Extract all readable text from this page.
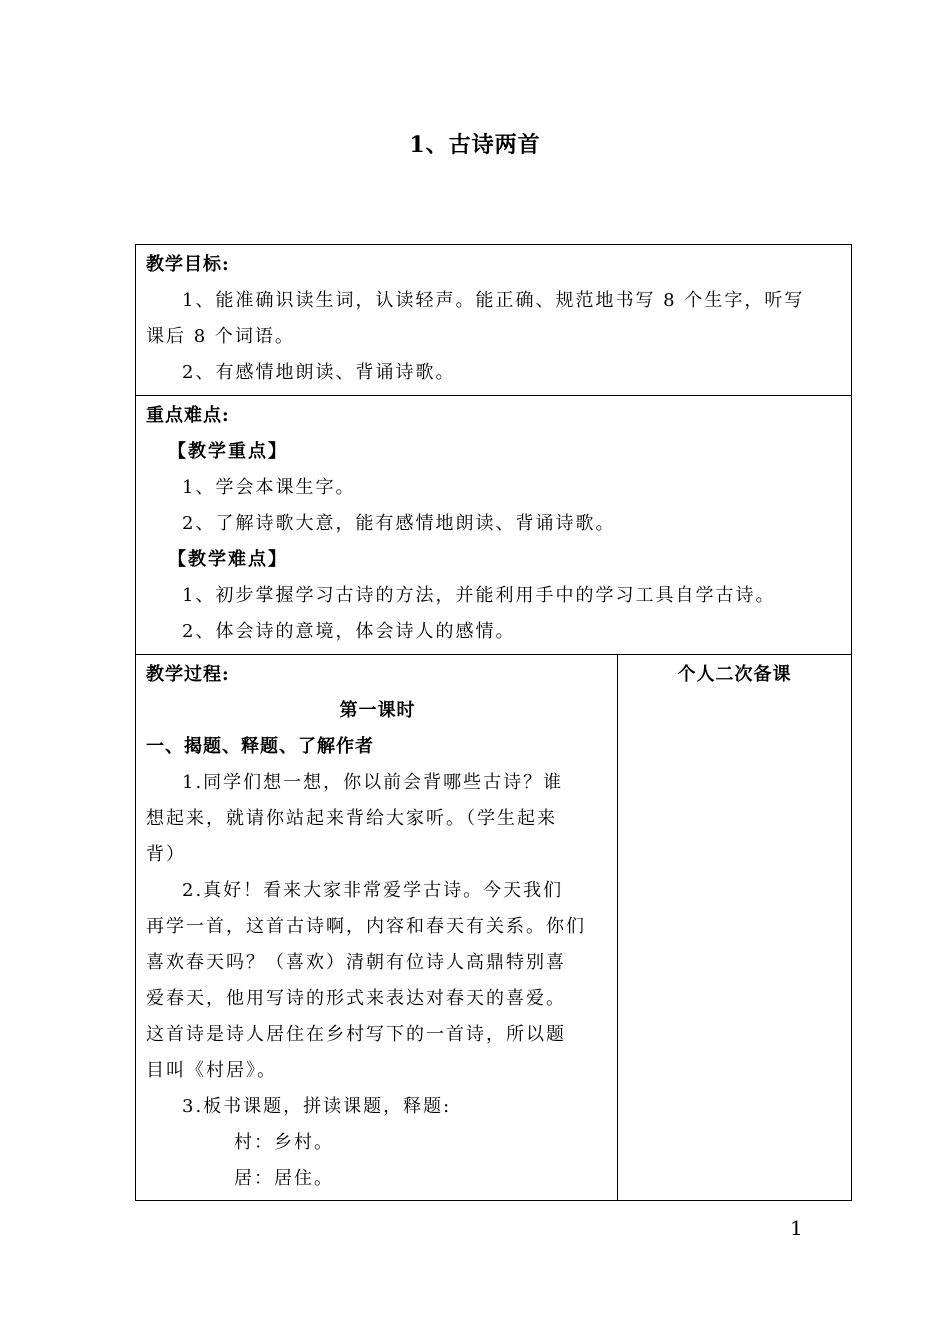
1、古诗两首
教学目标:
1、能准确识读生词，认读轻声。能正确、规范地书写 8 个生字，听写
课后 8 个词语。
2、有感情地朗读、背诵诗歌。
重点难点:
【教学重点】
1、学会本课生字。
2、了解诗歌大意，能有感情地朗读、背诵诗歌。
【教学难点】
1、初步掌握学习古诗的方法，并能利用手中的学习工具自学古诗。
2、体会诗的意境，体会诗人的感情。
教学过程:
第一课时
一、揭题、释题、了解作者
1.同学们想一想，你以前会背哪些古诗？谁
想起来，就请你站起来背给大家听。（学生起来
背）
2.真好！看来大家非常爱学古诗。今天我们
再学一首，这首古诗啊，内容和春天有关系。你们
喜欢春天吗？（喜欢）清朝有位诗人高鼎特别喜
爱春天，他用写诗的形式来表达对春天的喜爱。
这首诗是诗人居住在乡村写下的一首诗，所以题
目叫《村居》。
3.板书课题，拼读课题，释题:
村：乡村。
居：居住。
个人二次备课
1
